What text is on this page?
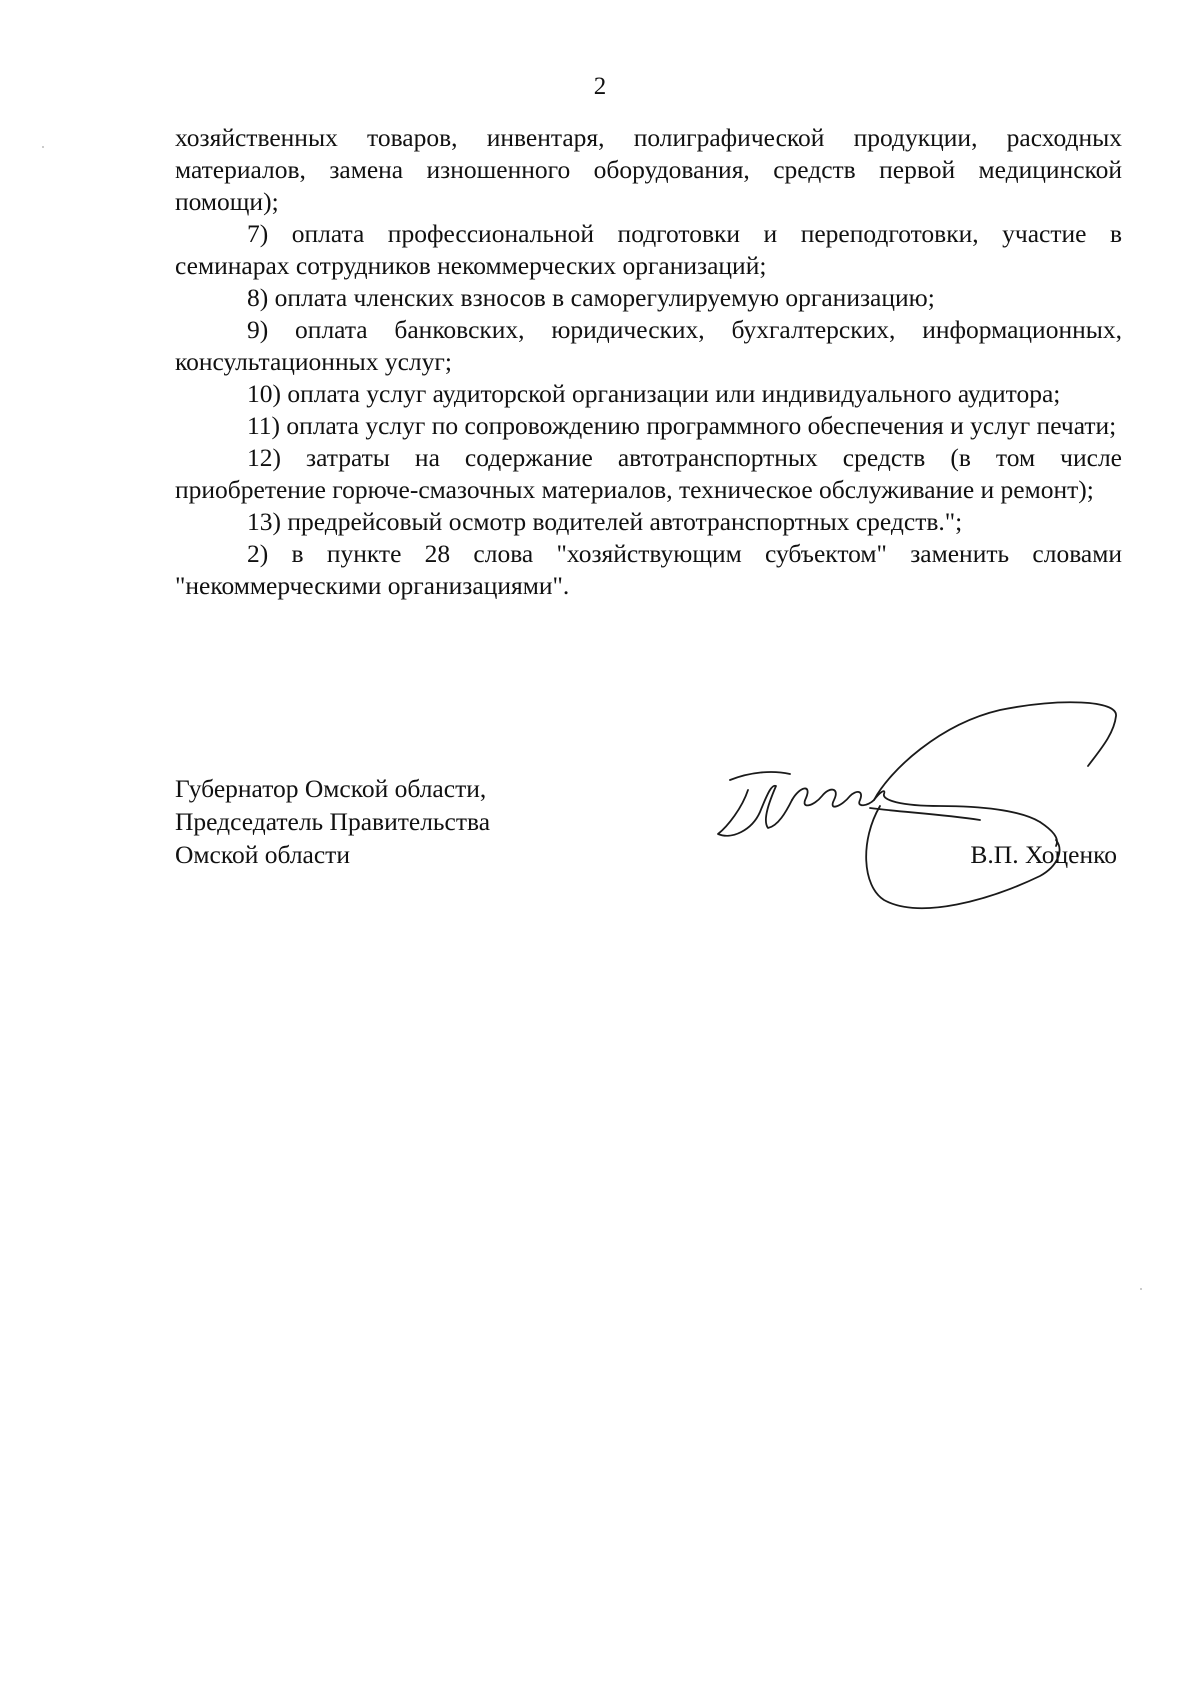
2

хозяйственных товаров, инвентаря, полиграфической продукции, расходных материалов, замена изношенного оборудования, средств первой медицинской помощи);

7) оплата профессиональной подготовки и переподготовки, участие в семинарах сотрудников некоммерческих организаций;

8) оплата членских взносов в саморегулируемую организацию;

9) оплата банковских, юридических, бухгалтерских, информационных, консультационных услуг;

10) оплата услуг аудиторской организации или индивидуального аудитора;

11) оплата услуг по сопровождению программного обеспечения и услуг печати;

12) затраты на содержание автотранспортных средств (в том числе приобретение горюче-смазочных материалов, техническое обслуживание и ремонт);

13) предрейсовый осмотр водителей автотранспортных средств.";

2) в пункте 28 слова "хозяйствующим субъектом" заменить словами "некоммерческими организациями".

Губернатор Омской области,
Председатель Правительства
Омской области	В.П. Хоценко
